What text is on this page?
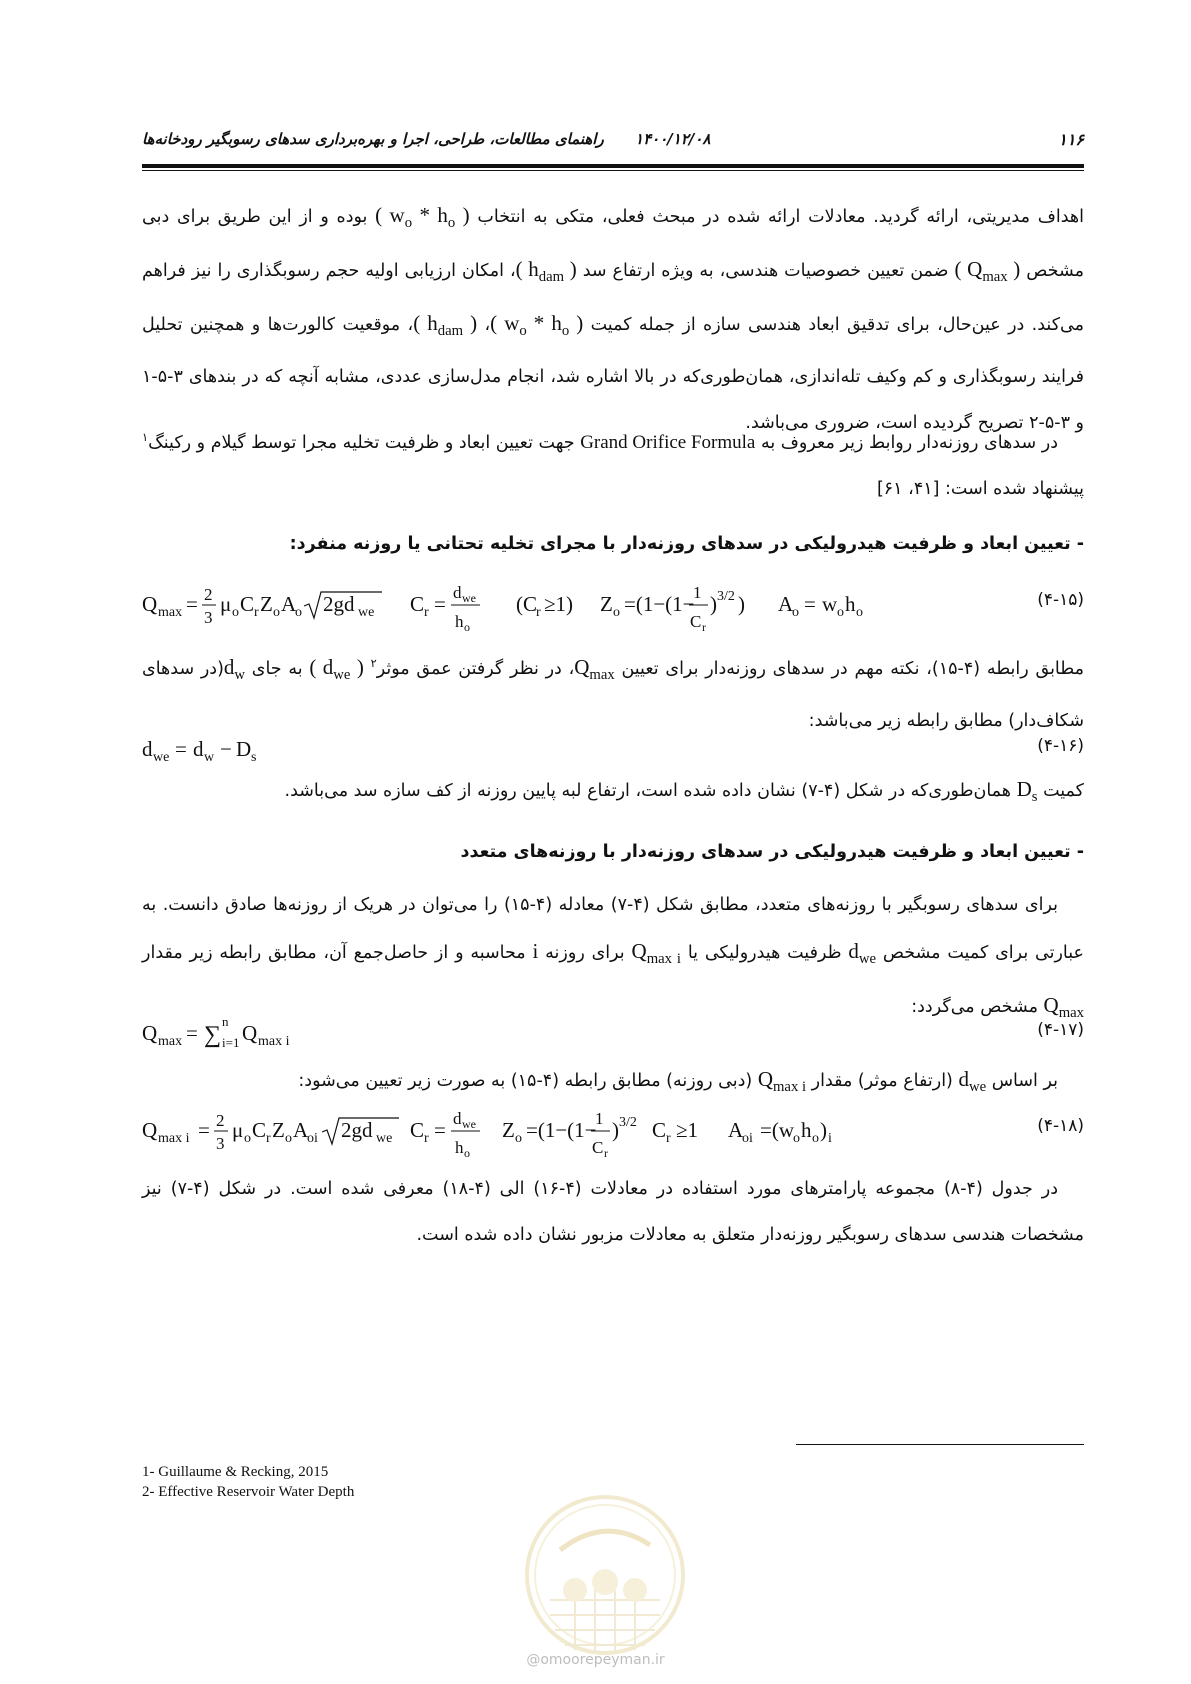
۱۴۰۰/۱۲/۰۸      راهنمای مطالعات، طراحی، اجرا و بهره‌برداری سدهای رسوبگیر رودخانه‌ها	۱۱۶
اهداف مدیریتی، ارائه گردید. معادلات ارائه شده در مبحث فعلی، متکی به انتخاب ( $w_o * h_o$ ) بوده و از این طریق برای دبی مشخص ( $Q_{max}$ ) ضمن تعیین خصوصیات هندسی، به ویژه ارتفاع سد ( $h_{dam}$ )، امکان ارزیابی اولیه حجم رسوبگذاری را نیز فراهم می‌کند. در عین‌حال، برای تدقیق ابعاد هندسی سازه از جمله کمیت ( $w_o * h_o$ )، ( $h_{dam}$ )، موقعیت کالورت‌ها و همچنین تحلیل فرایند رسوبگذاری و کم وکیف تله‌اندازی، همان‌طوری‌که در بالا اشاره شد، انجام مدل‌سازی عددی، مشابه آنچه که در بندهای ۳-۵-۱ و ۳-۵-۲ تصریح گردیده است، ضروری می‌باشد.
در سدهای روزنه‌دار روابط زیر معروف به Grand Orifice Formula جهت تعیین ابعاد و ظرفیت تخلیه مجرا توسط گیلام و رکینگ$^۱$ پیشنهاد شده است: [۴۱، ۶۱]
- تعیین ابعاد و ظرفیت هیدرولیکی در سدهای روزنه‌دار با مجرای تخلیه تحتانی یا روزنه منفرد:
Q max = 2
3
μ o C r Z o A
o 2gd we C r = d we
h o
(C r ≥1) Z o =(1−(1−
1
C r
) 3/2 ) A
o = w o h o
(۴-۱۵)
مطابق رابطه (۴-۱۵)، نکته مهم در سدهای روزنه‌دار برای تعیین $Q_{max}،$ در نظر گرفتن عمق موثر$^۲$ ( $d_{we}$ ) به جای $d_w(در$ سدهای شکاف‌دار) مطابق رابطه زیر می‌باشد:
d we = d w − D s
(۴-۱۶)
کمیت $D_s$ همان‌طوری‌که در شکل (۴-۷) نشان داده شده است، ارتفاع لبه پایین روزنه از کف سازه سد می‌باشد.
- تعیین ابعاد و ظرفیت هیدرولیکی در سدهای روزنه‌دار با روزنه‌های متعدد
برای سدهای رسوبگیر با روزنه‌های متعدد، مطابق شکل (۴-۷) معادله (۴-۱۵) را می‌توان در هریک از روزنه‌ها صادق دانست. به عبارتی برای کمیت مشخص $d_{we}$ ظرفیت هیدرولیکی یا $Q_{max i}$ برای روزنه i محاسبه و از حاصل‌جمع آن، مطابق رابطه زیر مقدار $Q_{max}$ مشخص می‌گردد:
Q max = ∑
n
i=1 Q max i
(۴-۱۷)
بر اساس $d_{we}$ (ارتفاع موثر) مقدار $Q_{max i}$ (دبی روزنه) مطابق رابطه (۴-۱۵) به صورت زیر تعیین می‌شود:
Q max i = 2
3
μ o C r Z o A
oi 2gd we C r = d we
h o
Z o =(1−(1−
1
C r
) 3/2 C r ≥1 A
oi =(w
o h o ) i
(۴-۱۸)
در جدول (۴-۸) مجموعه پارامترهای مورد استفاده در معادلات (۴-۱۶) الی (۴-۱۸) معرفی شده است. در شکل (۴-۷) نیز مشخصات هندسی سدهای رسوبگیر روزنه‌دار متعلق به معادلات مزبور نشان داده شده است.
1- Guillaume & Recking, 2015
2- Effective Reservoir Water Depth
@omoorepeyman.ir
